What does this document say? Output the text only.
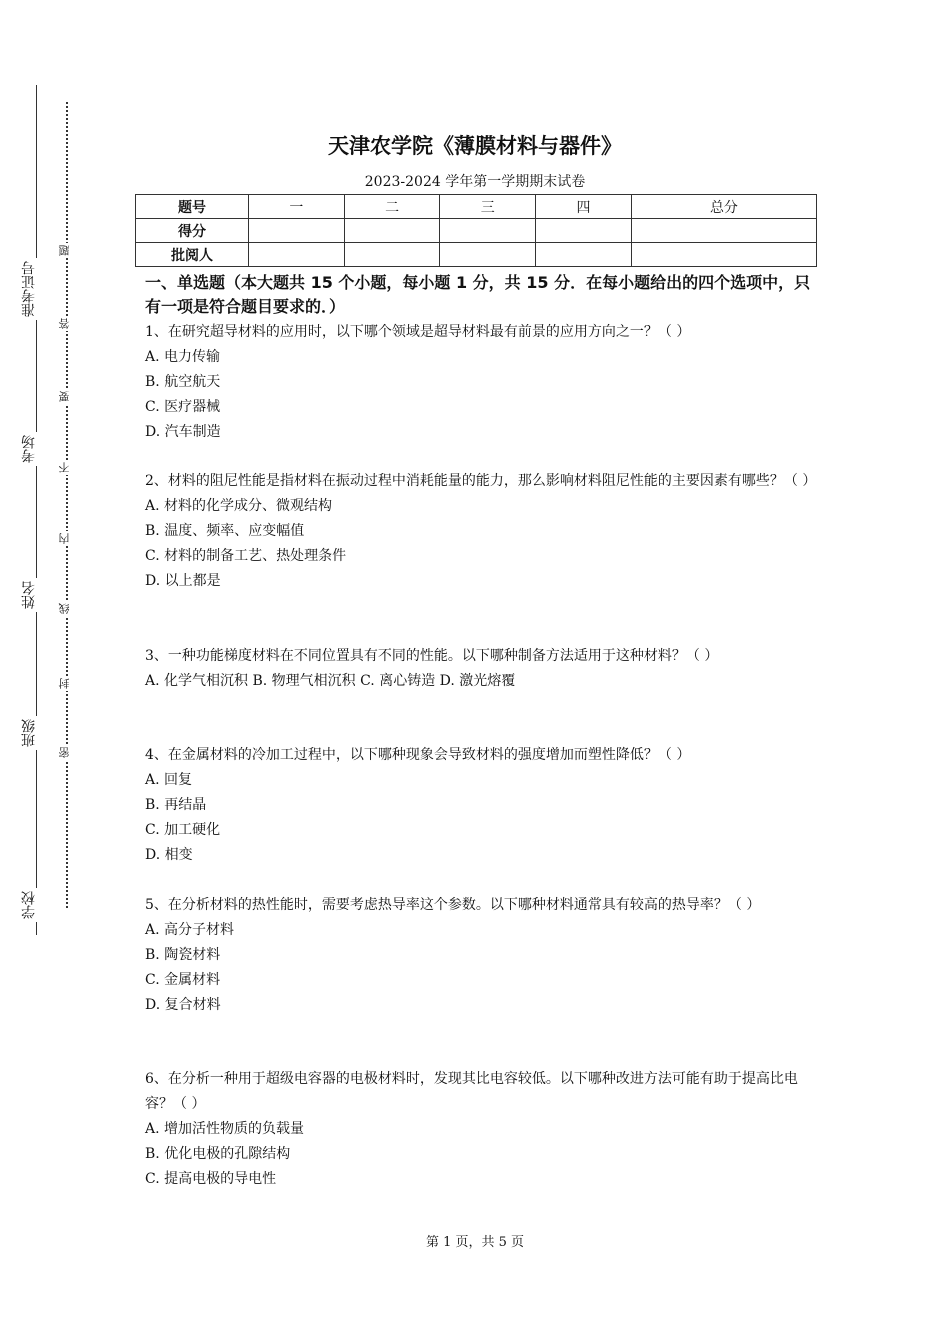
准考证号
考场
姓名
班级
学校
题
答
要
不
内
线
封
密
天津农学院《薄膜材料与器件》
2023-2024 学年第一学期期末试卷
题号	一	二	三	四	总分
得分					
批阅人					
一、单选题（本大题共 15 个小题，每小题 1 分，共 15 分．在每小题给出的四个选项中，只有一项是符合题目要求的．）

1、在研究超导材料的应用时，以下哪个领域是超导材料最有前景的应用方向之一？（ ）

A. 电力传输

B. 航空航天

C. 医疗器械

D. 汽车制造

2、材料的阻尼性能是指材料在振动过程中消耗能量的能力，那么影响材料阻尼性能的主要因素有哪些？（ ）

A. 材料的化学成分、微观结构

B. 温度、频率、应变幅值

C. 材料的制备工艺、热处理条件

D. 以上都是

3、一种功能梯度材料在不同位置具有不同的性能。以下哪种制备方法适用于这种材料？（ ）

A. 化学气相沉积 B. 物理气相沉积 C. 离心铸造 D. 激光熔覆

4、在金属材料的冷加工过程中，以下哪种现象会导致材料的强度增加而塑性降低？（ ）

A. 回复

B. 再结晶

C. 加工硬化

D. 相变

5、在分析材料的热性能时，需要考虑热导率这个参数。以下哪种材料通常具有较高的热导率？（ ）

A. 高分子材料

B. 陶瓷材料

C. 金属材料

D. 复合材料

6、在分析一种用于超级电容器的电极材料时，发现其比电容较低。以下哪种改进方法可能有助于提高比电容？（ ）

A. 增加活性物质的负载量

B. 优化电极的孔隙结构

C. 提高电极的导电性

第 1 页，共 5 页
